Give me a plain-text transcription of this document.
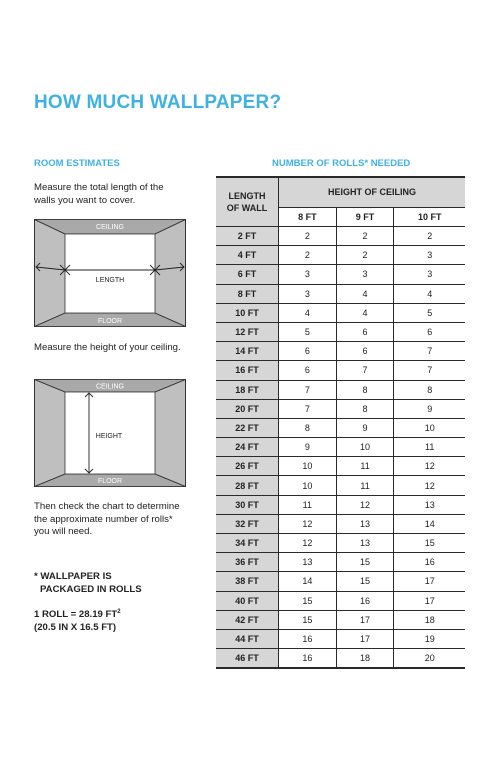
HOW MUCH WALLPAPER?
ROOM ESTIMATES	NUMBER OF ROLLS* NEEDED
Measure the total length of the walls you want to cover.
CEILING
FLOOR
LENGTH
Measure the height of your ceiling.
CEILING
FLOOR
HEIGHT
Then check the chart to determine the approximate number of rolls* you will need.
* WALLPAPER IS
PACKAGED IN ROLLS
1 ROLL = 28.19 $FT^2$
(20.5 IN X 16.5 FT)
LENGTH
OF WALL	HEIGHT OF CEILING		
	8 FT	9 FT	10 FT
2 FT	2	2	2
4 FT	2	2	3
6 FT	3	3	3
8 FT	3	4	4
10 FT	4	4	5
12 FT	5	6	6
14 FT	6	6	7
16 FT	6	7	7
18 FT	7	8	8
20 FT	7	8	9
22 FT	8	9	10
24 FT	9	10	11
26 FT	10	11	12
28 FT	10	11	12
30 FT	11	12	13
32 FT	12	13	14
34 FT	12	13	15
36 FT	13	15	16
38 FT	14	15	17
40 FT	15	16	17
42 FT	15	17	18
44 FT	16	17	19
46 FT	16	18	20
